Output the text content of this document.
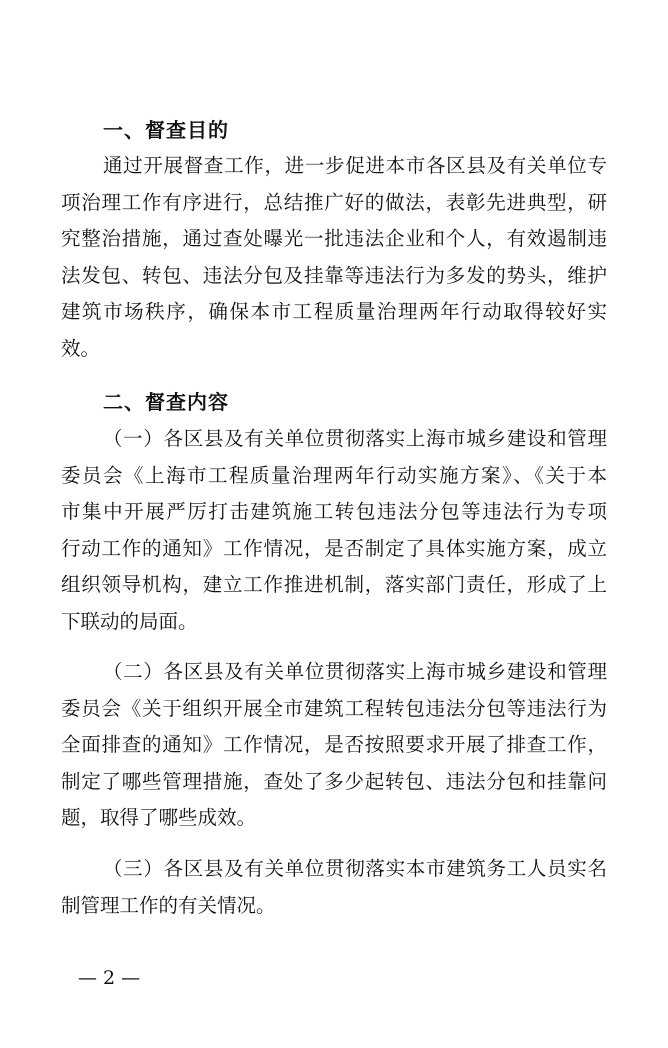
一、督查目的
通过开展督查工作，进一步促进本市各区县及有关单位专
项治理工作有序进行，总结推广好的做法，表彰先进典型，研
究整治措施，通过查处曝光一批违法企业和个人，有效遏制违
法发包、转包、违法分包及挂靠等违法行为多发的势头，维护
建筑市场秩序，确保本市工程质量治理两年行动取得较好实
效。
二、督查内容
（一）各区县及有关单位贯彻落实上海市城乡建设和管理
委员会《上海市工程质量治理两年行动实施方案》、《关于本
市集中开展严厉打击建筑施工转包违法分包等违法行为专项
行动工作的通知》工作情况，是否制定了具体实施方案，成立
组织领导机构，建立工作推进机制，落实部门责任，形成了上
下联动的局面。
（二）各区县及有关单位贯彻落实上海市城乡建设和管理
委员会《关于组织开展全市建筑工程转包违法分包等违法行为
全面排查的通知》工作情况，是否按照要求开展了排查工作，
制定了哪些管理措施，查处了多少起转包、违法分包和挂靠问
题，取得了哪些成效。
（三）各区县及有关单位贯彻落实本市建筑务工人员实名
制管理工作的有关情况。
— 2 —
